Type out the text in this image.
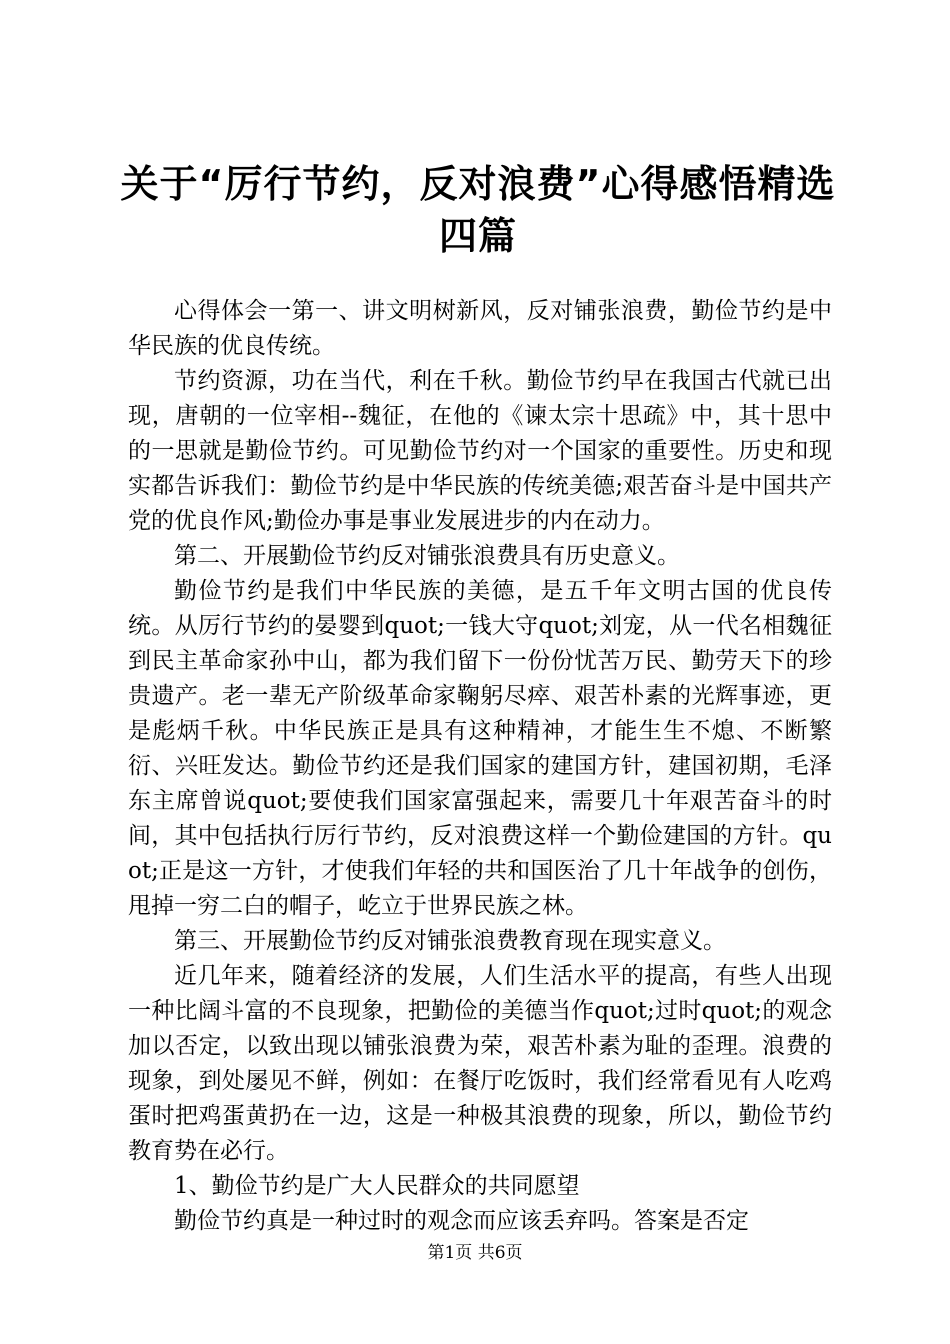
关于“厉行节约，反对浪费”心得感悟精选四篇

心得体会一第一、讲文明树新风，反对铺张浪费，勤俭节约是中华民族的优良传统。

节约资源，功在当代，利在千秋。勤俭节约早在我国古代就已出现，唐朝的一位宰相--魏征，在他的《谏太宗十思疏》中，其十思中的一思就是勤俭节约。可见勤俭节约对一个国家的重要性。历史和现实都告诉我们：勤俭节约是中华民族的传统美德;艰苦奋斗是中国共产党的优良作风;勤俭办事是事业发展进步的内在动力。

第二、开展勤俭节约反对铺张浪费具有历史意义。

勤俭节约是我们中华民族的美德，是五千年文明古国的优良传统。从厉行节约的晏婴到quot;一钱大守quot;刘宠，从一代名相魏征到民主革命家孙中山，都为我们留下一份份忧苦万民、勤劳天下的珍贵遗产。老一辈无产阶级革命家鞠躬尽瘁、艰苦朴素的光辉事迹，更是彪炳千秋。中华民族正是具有这种精神，才能生生不熄、不断繁衍、兴旺发达。勤俭节约还是我们国家的建国方针，建国初期，毛泽东主席曾说quot;要使我们国家富强起来，需要几十年艰苦奋斗的时间，其中包括执行厉行节约，反对浪费这样一个勤俭建国的方针。quot;正是这一方针，才使我们年轻的共和国医治了几十年战争的创伤，甩掉一穷二白的帽子，屹立于世界民族之林。

第三、开展勤俭节约反对铺张浪费教育现在现实意义。

近几年来，随着经济的发展，人们生活水平的提高，有些人出现一种比阔斗富的不良现象，把勤俭的美德当作quot;过时quot;的观念加以否定，以致出现以铺张浪费为荣，艰苦朴素为耻的歪理。浪费的现象，到处屡见不鲜，例如：在餐厅吃饭时，我们经常看见有人吃鸡蛋时把鸡蛋黄扔在一边，这是一种极其浪费的现象，所以，勤俭节约教育势在必行。

1、勤俭节约是广大人民群众的共同愿望

勤俭节约真是一种过时的观念而应该丢弃吗。答案是否定

第1页 共6页
